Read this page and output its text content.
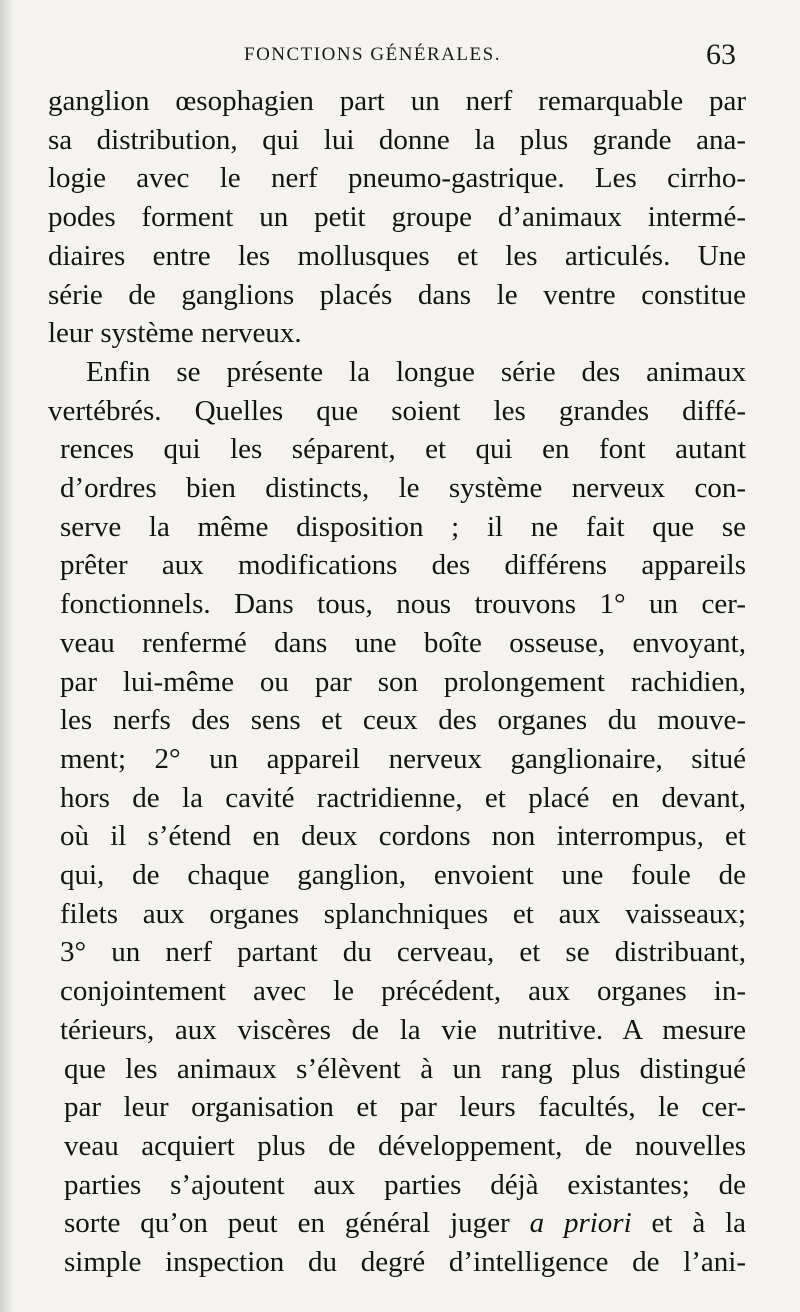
FONCTIONS GÉNÉRALES.	63
ganglion œsophagien part un nerf remarquable par
sa distribution, qui lui donne la plus grande ana-
logie avec le nerf pneumo-gastrique. Les cirrho-
podes forment un petit groupe d’animaux intermé-
diaires entre les mollusques et les articulés. Une
série de ganglions placés dans le ventre constitue
leur système nerveux.
Enfin se présente la longue série des animaux
vertébrés. Quelles que soient les grandes diffé-
rences qui les séparent, et qui en font autant
d’ordres bien distincts, le système nerveux con-
serve la même disposition ; il ne fait que se
prêter aux modifications des différens appareils
fonctionnels. Dans tous, nous trouvons 1° un cer-
veau renfermé dans une boîte osseuse, envoyant,
par lui-même ou par son prolongement rachidien,
les nerfs des sens et ceux des organes du mouve-
ment; 2° un appareil nerveux ganglionaire, situé
hors de la cavité ractridienne, et placé en devant,
où il s’étend en deux cordons non interrompus, et
qui, de chaque ganglion, envoient une foule de
filets aux organes splanchniques et aux vaisseaux;
3° un nerf partant du cerveau, et se distribuant,
conjointement avec le précédent, aux organes in-
térieurs, aux viscères de la vie nutritive. A mesure
que les animaux s’élèvent à un rang plus distingué
par leur organisation et par leurs facultés, le cer-
veau acquiert plus de développement, de nouvelles
parties s’ajoutent aux parties déjà existantes; de
sorte qu’on peut en général juger a priori et à la
simple inspection du degré d’intelligence de l’ani-
